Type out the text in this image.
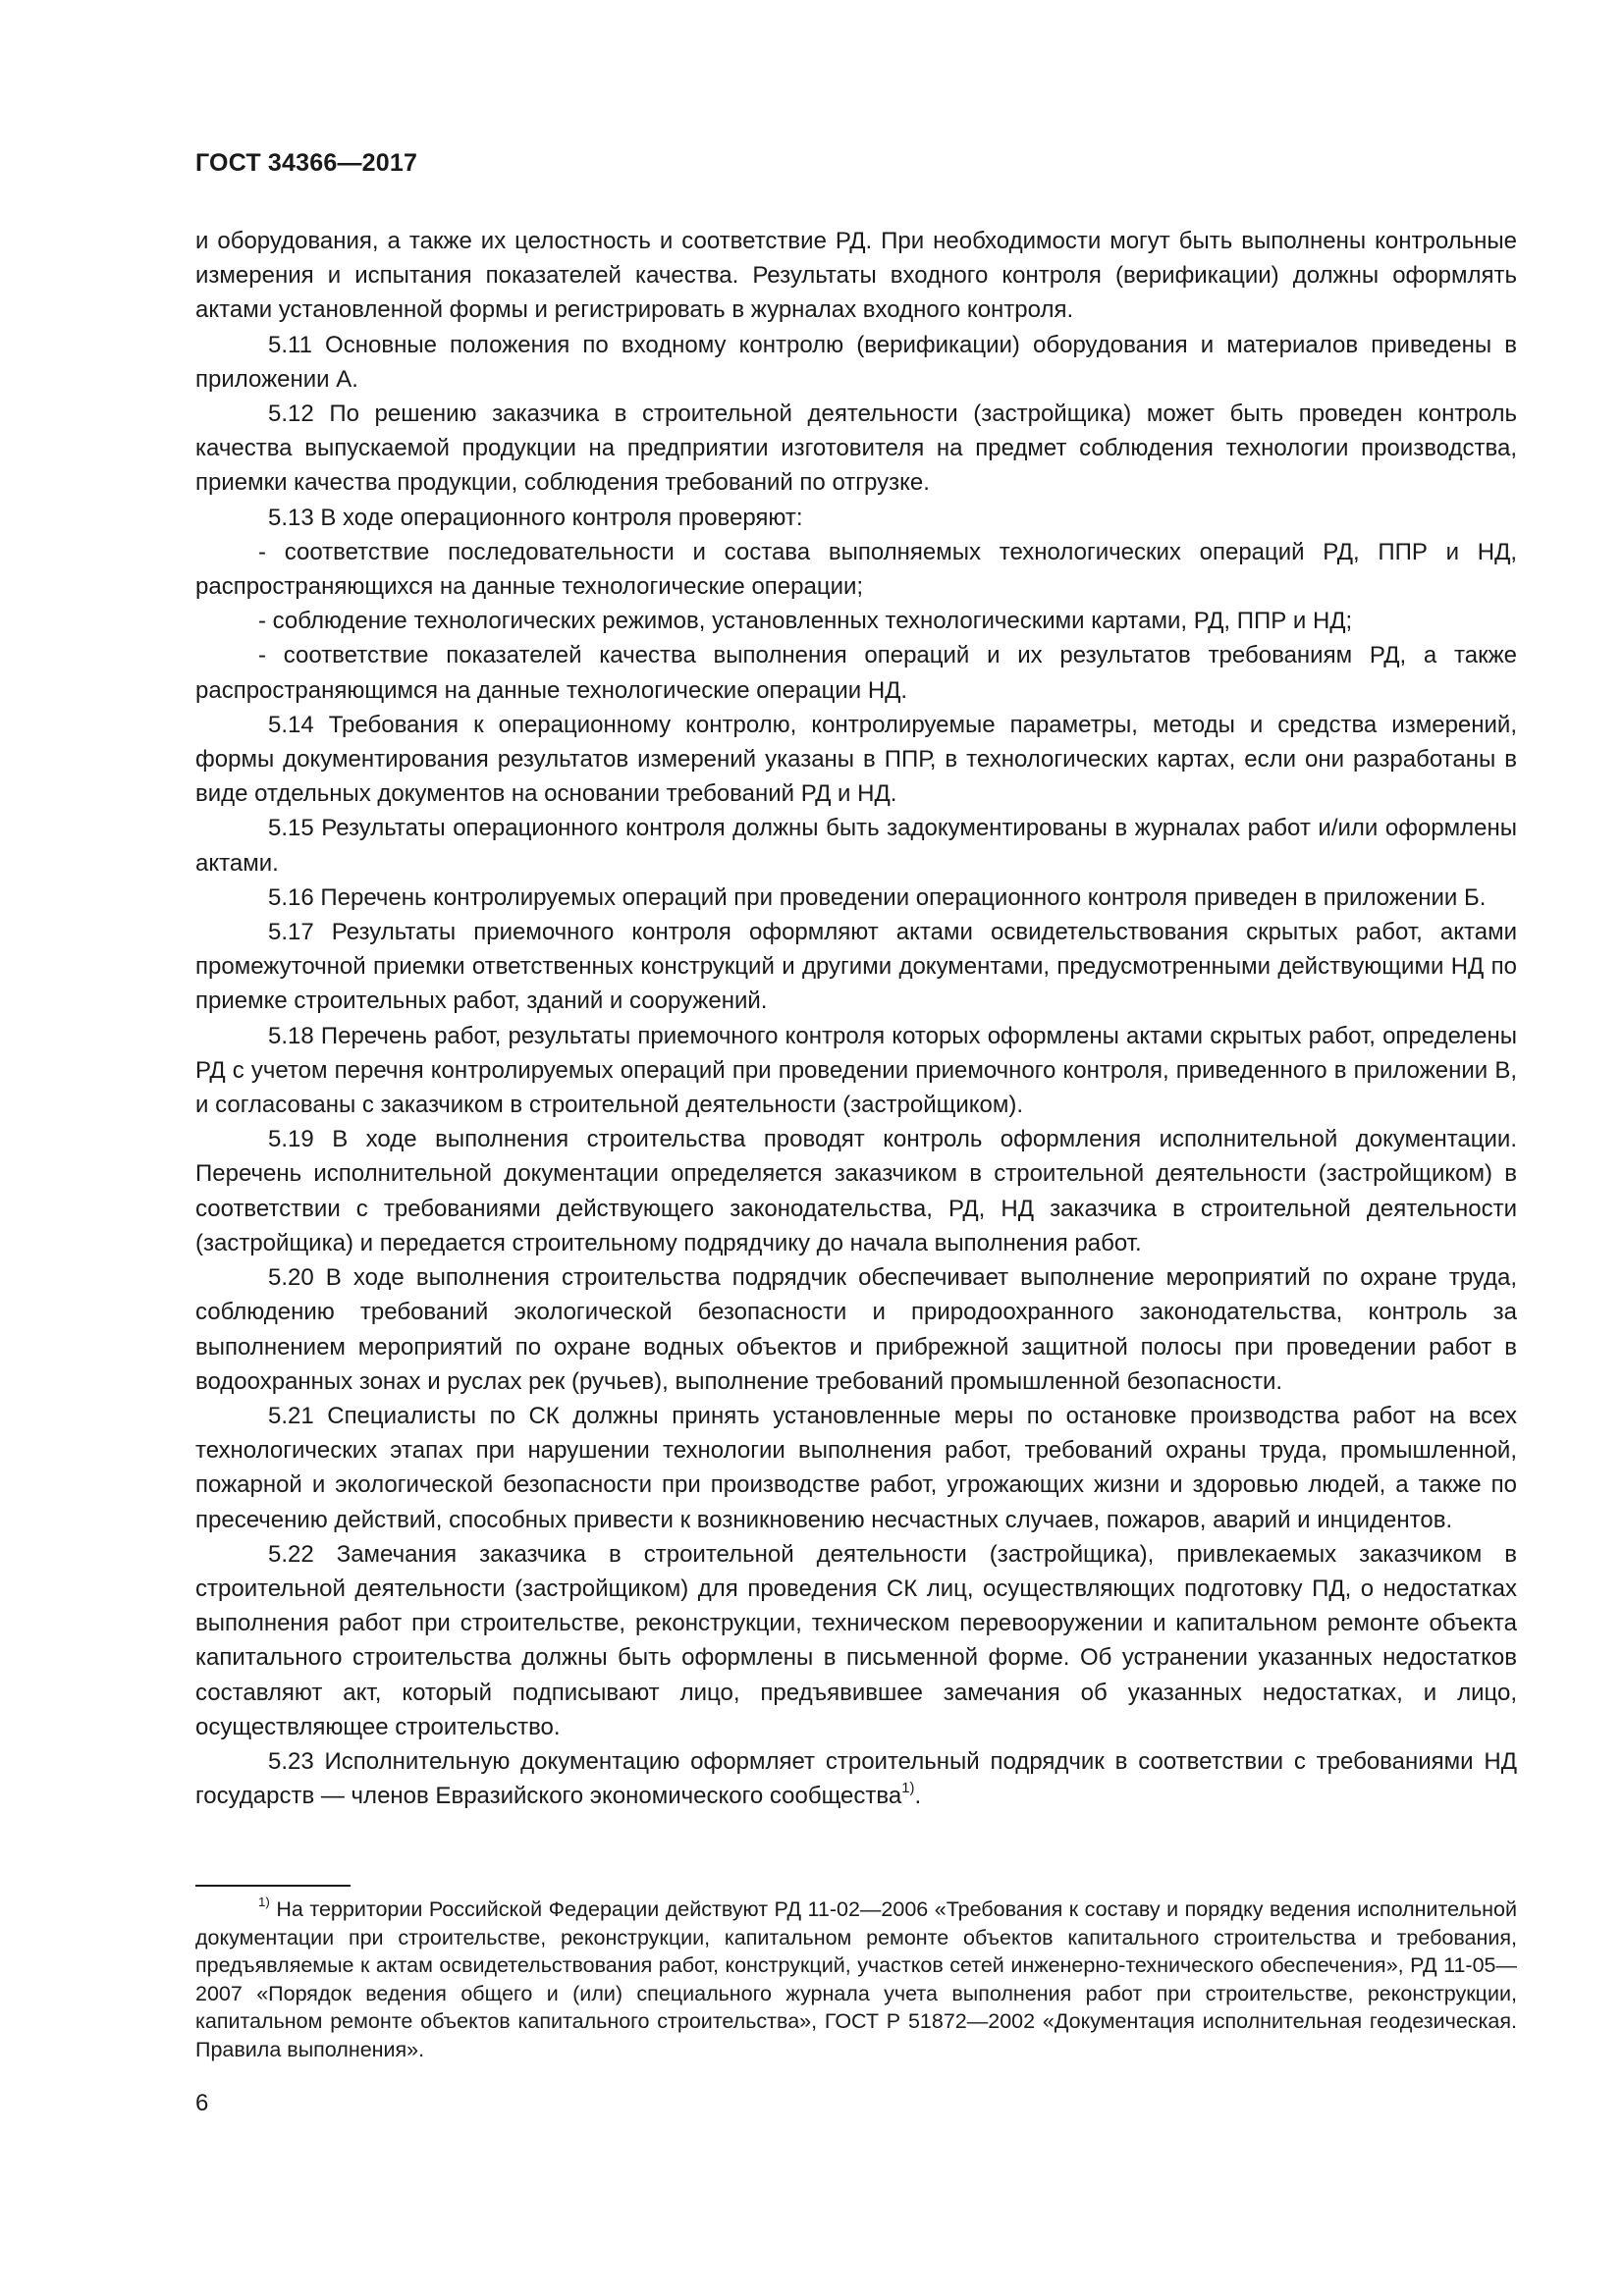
ГОСТ 34366—2017

и оборудования, а также их целостность и соответствие РД. При необходимости могут быть выполнены контрольные измерения и испытания показателей качества. Результаты входного контроля (верификации) должны оформлять актами установленной формы и регистрировать в журналах входного контроля.

5.11 Основные положения по входному контролю (верификации) оборудования и материалов приведены в приложении А.

5.12 По решению заказчика в строительной деятельности (застройщика) может быть проведен контроль качества выпускаемой продукции на предприятии изготовителя на предмет соблюдения технологии производства, приемки качества продукции, соблюдения требований по отгрузке.

5.13 В ходе операционного контроля проверяют:

- соответствие последовательности и состава выполняемых технологических операций РД, ППР и НД, распространяющихся на данные технологические операции;

- соблюдение технологических режимов, установленных технологическими картами, РД, ППР и НД;

- соответствие показателей качества выполнения операций и их результатов требованиям РД, а также распространяющимся на данные технологические операции НД.

5.14 Требования к операционному контролю, контролируемые параметры, методы и средства измерений, формы документирования результатов измерений указаны в ППР, в технологических картах, если они разработаны в виде отдельных документов на основании требований РД и НД.

5.15 Результаты операционного контроля должны быть задокументированы в журналах работ и/или оформлены актами.

5.16 Перечень контролируемых операций при проведении операционного контроля приведен в приложении Б.

5.17 Результаты приемочного контроля оформляют актами освидетельствования скрытых работ, актами промежуточной приемки ответственных конструкций и другими документами, предусмотренными действующими НД по приемке строительных работ, зданий и сооружений.

5.18 Перечень работ, результаты приемочного контроля которых оформлены актами скрытых работ, определены РД с учетом перечня контролируемых операций при проведении приемочного контроля, приведенного в приложении В, и согласованы с заказчиком в строительной деятельности (застройщиком).

5.19 В ходе выполнения строительства проводят контроль оформления исполнительной документации. Перечень исполнительной документации определяется заказчиком в строительной деятельности (застройщиком) в соответствии с требованиями действующего законодательства, РД, НД заказчика в строительной деятельности (застройщика) и передается строительному подрядчику до начала выполнения работ.

5.20 В ходе выполнения строительства подрядчик обеспечивает выполнение мероприятий по охране труда, соблюдению требований экологической безопасности и природоохранного законодательства, контроль за выполнением мероприятий по охране водных объектов и прибрежной защитной полосы при проведении работ в водоохранных зонах и руслах рек (ручьев), выполнение требований промышленной безопасности.

5.21 Специалисты по СК должны принять установленные меры по остановке производства работ на всех технологических этапах при нарушении технологии выполнения работ, требований охраны труда, промышленной, пожарной и экологической безопасности при производстве работ, угрожающих жизни и здоровью людей, а также по пресечению действий, способных привести к возникновению несчастных случаев, пожаров, аварий и инцидентов.

5.22 Замечания заказчика в строительной деятельности (застройщика), привлекаемых заказчиком в строительной деятельности (застройщиком) для проведения СК лиц, осуществляющих подготовку ПД, о недостатках выполнения работ при строительстве, реконструкции, техническом перевооружении и капитальном ремонте объекта капитального строительства должны быть оформлены в письменной форме. Об устранении указанных недостатков составляют акт, который подписывают лицо, предъявившее замечания об указанных недостатках, и лицо, осуществляющее строительство.

5.23 Исполнительную документацию оформляет строительный подрядчик в соответствии с требованиями НД государств — членов Евразийского экономического сообщества$^{1)}$.

$^{1)}$ На территории Российской Федерации действуют РД 11-02—2006 «Требования к составу и порядку ведения исполнительной документации при строительстве, реконструкции, капитальном ремонте объектов капитального строительства и требования, предъявляемые к актам освидетельствования работ, конструкций, участков сетей инженерно-технического обеспечения», РД 11-05—2007 «Порядок ведения общего и (или) специального журнала учета выполнения работ при строительстве, реконструкции, капитальном ремонте объектов капитального строительства», ГОСТ Р 51872—2002 «Документация исполнительная геодезическая. Правила выполнения».

6
